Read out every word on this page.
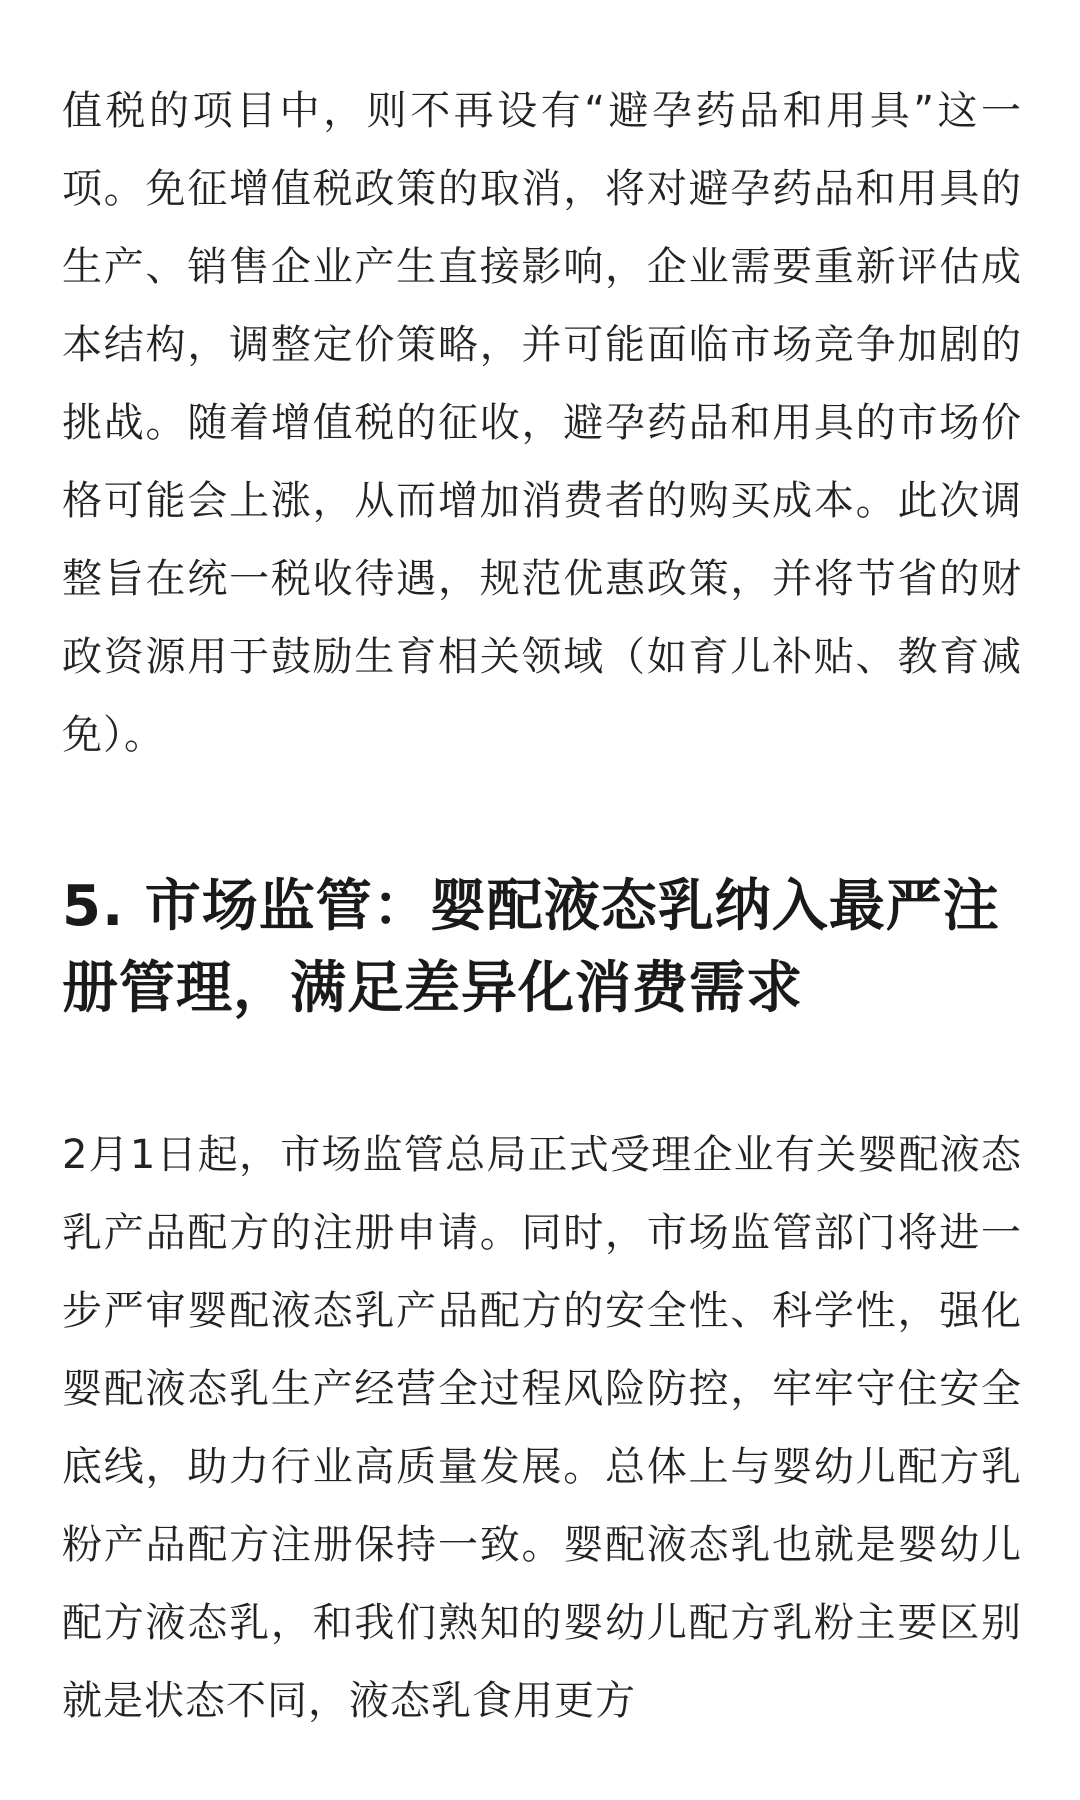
值税的项目中，则不再设有“避孕药品和用具”这一项。免征增值税政策的取消，将对避孕药品和用具的生产、销售企业产生直接影响，企业需要重新评估成本结构，调整定价策略，并可能面临市场竞争加剧的挑战。随着增值税的征收，避孕药品和用具的市场价格可能会上涨，从而增加消费者的购买成本。此次调整旨在统一税收待遇，规范优惠政策，并将节省的财政资源用于鼓励生育相关领域（如育儿补贴、教育减免）。

5. 市场监管：婴配液态乳纳入最严注册管理，满足差异化消费需求

2月1日起，市场监管总局正式受理企业有关婴配液态乳产品配方的注册申请。同时，市场监管部门将进一步严审婴配液态乳产品配方的安全性、科学性，强化婴配液态乳生产经营全过程风险防控，牢牢守住安全底线，助力行业高质量发展。总体上与婴幼儿配方乳粉产品配方注册保持一致。婴配液态乳也就是婴幼儿配方液态乳，和我们熟知的婴幼儿配方乳粉主要区别就是状态不同，液态乳食用更方
